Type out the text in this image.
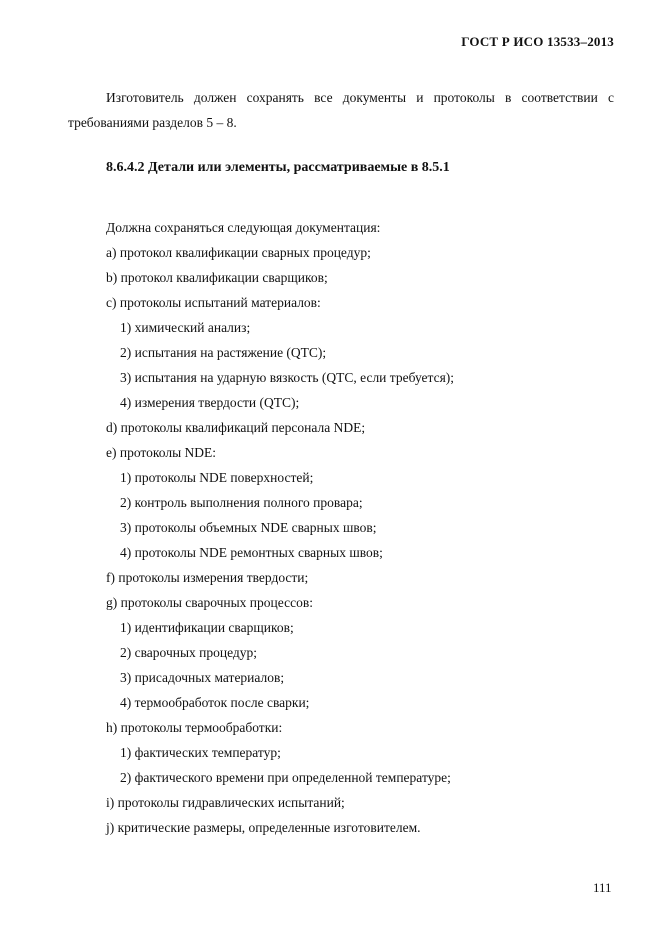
ГОСТ Р ИСО 13533–2013

Изготовитель должен сохранять все документы и протоколы в соответствии с требованиями разделов 5 – 8.

8.6.4.2 Детали или элементы, рассматриваемые в 8.5.1
Должна сохраняться следующая документация:
a) протокол квалификации сварных процедур;
b) протокол квалификации сварщиков;
c) протоколы испытаний материалов:
1) химический анализ;
2) испытания на растяжение (QTC);
3) испытания на ударную вязкость (QTC, если требуется);
4) измерения твердости (QTC);
d) протоколы квалификаций персонала NDE;
e) протоколы NDE:
1) протоколы NDE поверхностей;
2) контроль выполнения полного провара;
3) протоколы объемных NDE сварных швов;
4) протоколы NDE ремонтных сварных швов;
f) протоколы измерения твердости;
g) протоколы сварочных процессов:
1) идентификации сварщиков;
2) сварочных процедур;
3) присадочных материалов;
4) термообработок после сварки;
h) протоколы термообработки:
1) фактических температур;
2) фактического времени при определенной температуре;
i) протоколы гидравлических испытаний;
j) критические размеры, определенные изготовителем.
111
